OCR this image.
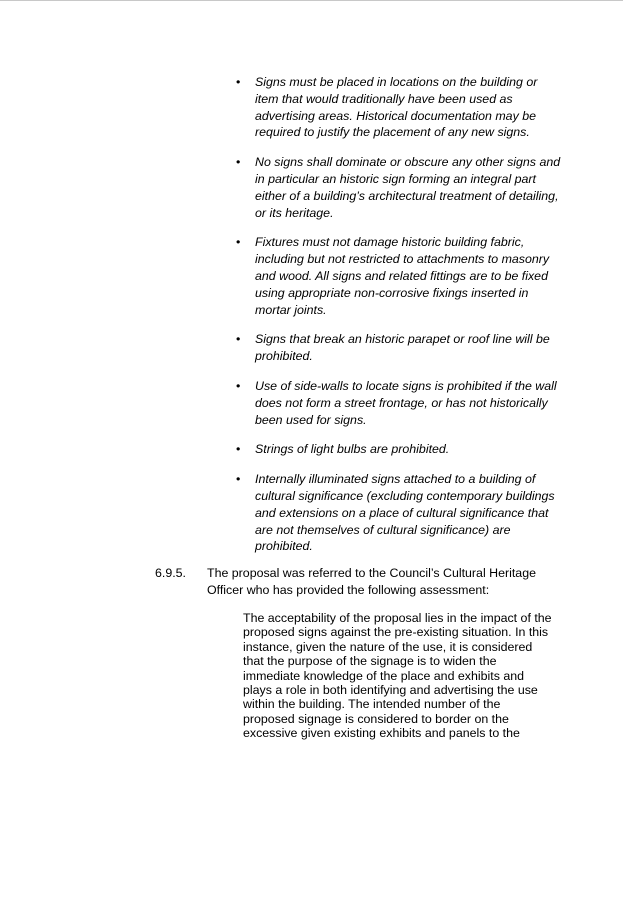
• Signs must be placed in locations on the building or item that would traditionally have been used as advertising areas. Historical documentation may be required to justify the placement of any new signs.
• No signs shall dominate or obscure any other signs and in particular an historic sign forming an integral part either of a building’s architectural treatment of detailing, or its heritage.
• Fixtures must not damage historic building fabric, including but not restricted to attachments to masonry and wood. All signs and related fittings are to be fixed using appropriate non-corrosive fixings inserted in mortar joints.
• Signs that break an historic parapet or roof line will be prohibited.
• Use of side-walls to locate signs is prohibited if the wall does not form a street frontage, or has not historically been used for signs.
• Strings of light bulbs are prohibited.
• Internally illuminated signs attached to a building of cultural significance (excluding contemporary buildings and extensions on a place of cultural significance that are not themselves of cultural significance) are prohibited.
6.9.5. The proposal was referred to the Council’s Cultural Heritage Officer who has provided the following assessment:
The acceptability of the proposal lies in the impact of the proposed signs against the pre-existing situation. In this instance, given the nature of the use, it is considered that the purpose of the signage is to widen the immediate knowledge of the place and exhibits and plays a role in both identifying and advertising the use within the building. The intended number of the proposed signage is considered to border on the excessive given existing exhibits and panels to the
